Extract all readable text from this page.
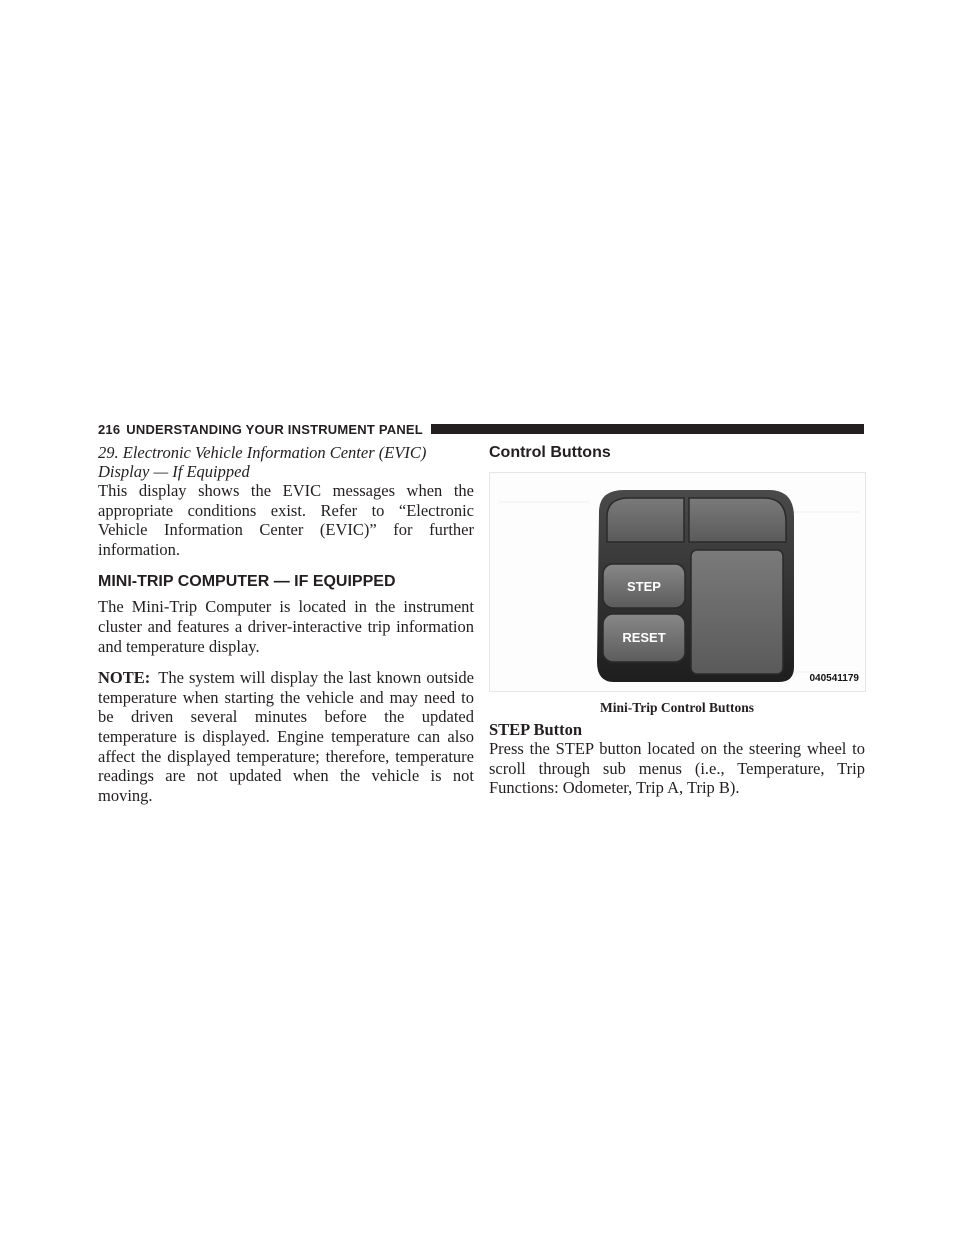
216 UNDERSTANDING YOUR INSTRUMENT PANEL
29. Electronic Vehicle Information Center (EVIC)
Display — If Equipped

This display shows the EVIC messages when the appropriate conditions exist. Refer to “Electronic Vehicle Information Center (EVIC)” for further information.

MINI-TRIP COMPUTER — IF EQUIPPED

The Mini-Trip Computer is located in the instrument cluster and features a driver-interactive trip information and temperature display.

NOTE: The system will display the last known outside temperature when starting the vehicle and may need to be driven several minutes before the updated temperature is displayed. Engine temperature can also affect the displayed temperature; therefore, temperature readings are not updated when the vehicle is not moving.

Control Buttons
STEP
RESET
040541179
Mini-Trip Control Buttons
STEP Button

Press the STEP button located on the steering wheel to scroll through sub menus (i.e., Temperature, Trip Functions: Odometer, Trip A, Trip B).
